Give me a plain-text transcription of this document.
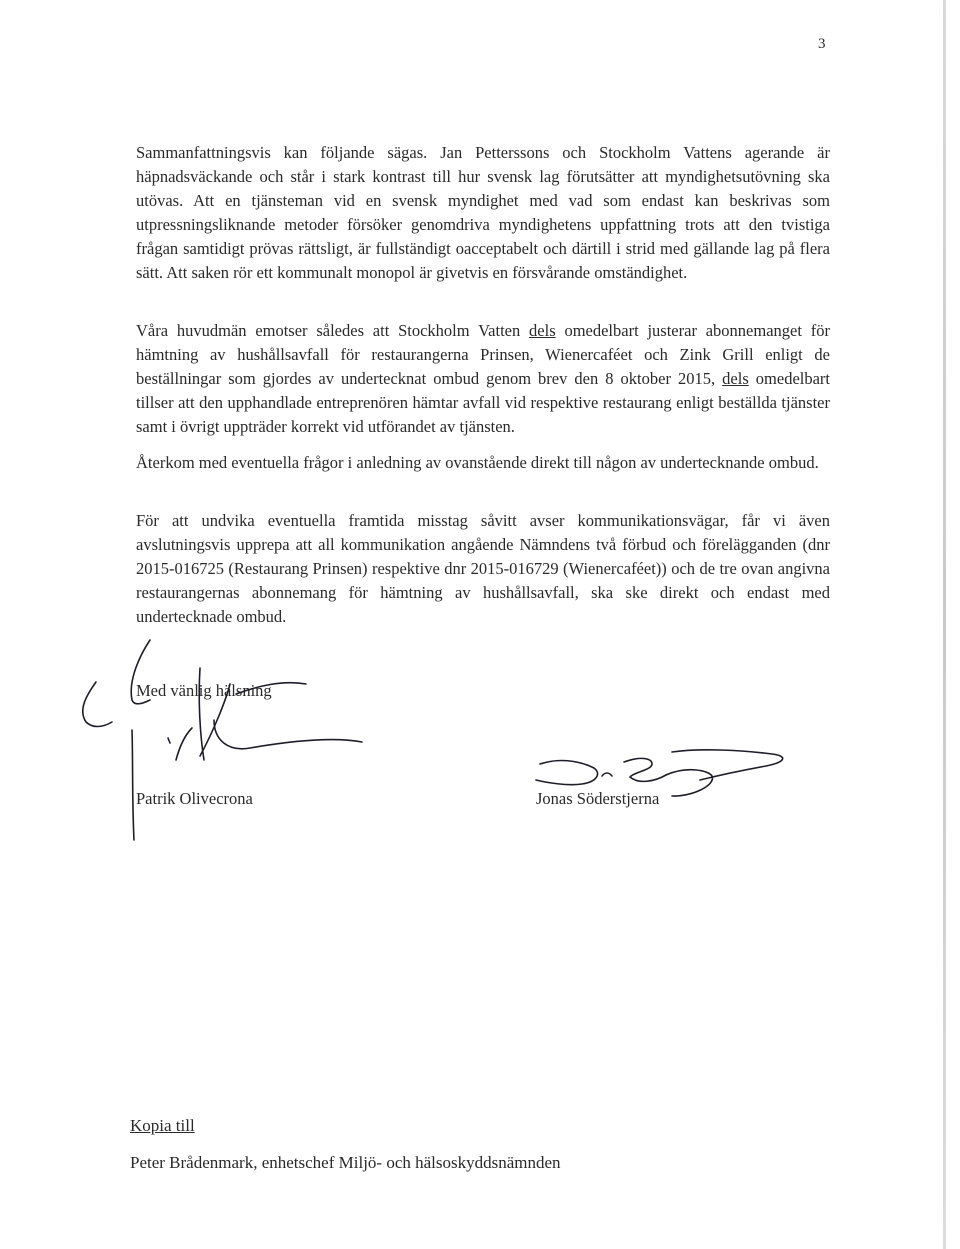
3

Sammanfattningsvis kan följande sägas. Jan Petterssons och Stockholm Vattens agerande är häpnadsväckande och står i stark kontrast till hur svensk lag förutsätter att myndighetsutövning ska utövas. Att en tjänsteman vid en svensk myndighet med vad som endast kan beskrivas som utpressningsliknande metoder försöker genomdriva myndighetens uppfattning trots att den tvistiga frågan samtidigt prövas rättsligt, är fullständigt oacceptabelt och därtill i strid med gällande lag på flera sätt. Att saken rör ett kommunalt monopol är givetvis en försvårande omständighet.

Våra huvudmän emotser således att Stockholm Vatten dels omedelbart justerar abonnemanget för hämtning av hushållsavfall för restaurangerna Prinsen, Wienercaféet och Zink Grill enligt de beställningar som gjordes av undertecknat ombud genom brev den 8 oktober 2015, dels omedelbart tillser att den upphandlade entreprenören hämtar avfall vid respektive restaurang enligt beställda tjänster samt i övrigt uppträder korrekt vid utförandet av tjänsten.

Återkom med eventuella frågor i anledning av ovanstående direkt till någon av undertecknande ombud.

För att undvika eventuella framtida misstag såvitt avser kommunikationsvägar, får vi även avslutningsvis upprepa att all kommunikation angående Nämndens två förbud och förelägganden (dnr 2015-016725 (Restaurang Prinsen) respektive dnr 2015-016729 (Wienercaféet)) och de tre ovan angivna restaurangernas abonnemang för hämtning av hushållsavfall, ska ske direkt och endast med undertecknade ombud.

Med vänlig hälsning
Patrik Olivecrona	Jonas Söderstjerna
Kopia till
Peter Brådenmark, enhetschef Miljö- och hälsoskyddsnämnden
